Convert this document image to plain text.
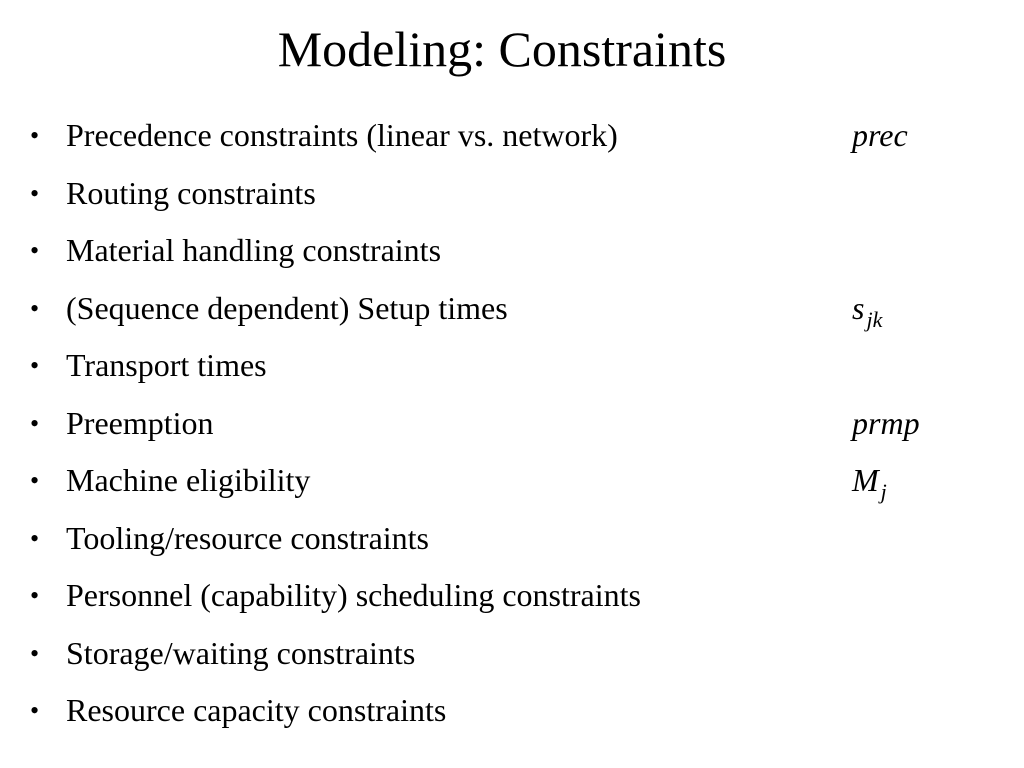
Modeling: Constraints
• Precedence constraints (linear vs. network)	prec
• Routing constraints
• Material handling constraints
• (Sequence dependent) Setup times	$s_{jk}$
• Transport times
• Preemption	prmp
• Machine eligibility	$M_j$
• Tooling/resource constraints
• Personnel (capability) scheduling constraints
• Storage/waiting constraints
• Resource capacity constraints
